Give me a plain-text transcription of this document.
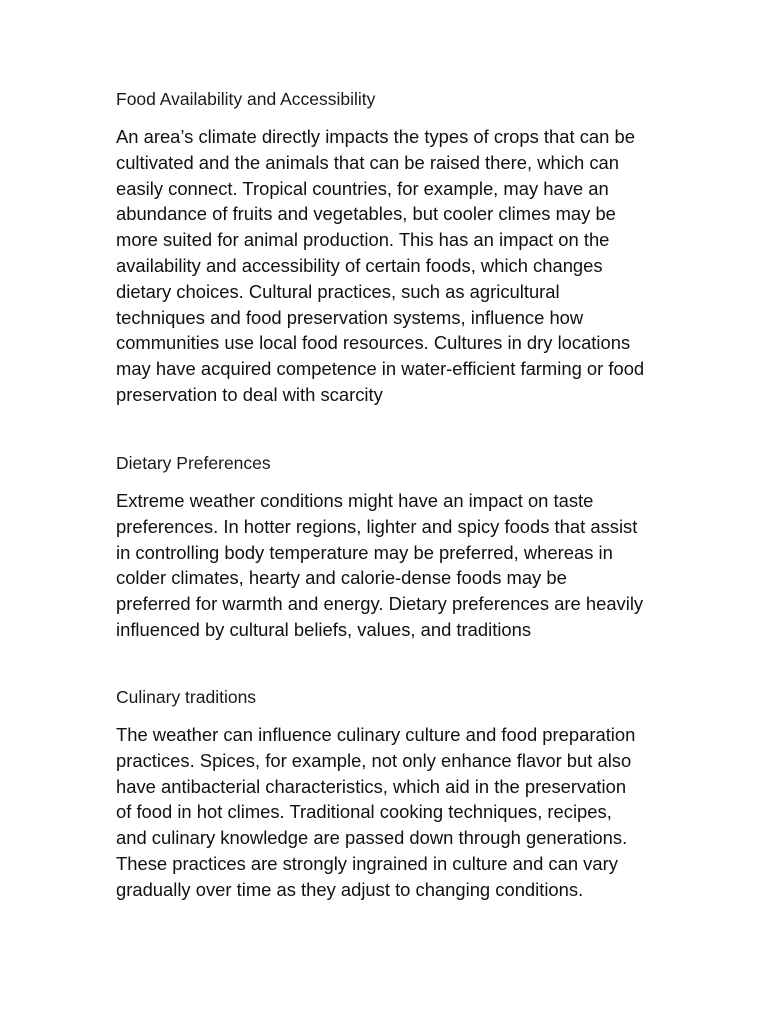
Food Availability and Accessibility

An area’s climate directly impacts the types of crops that can be cultivated and the animals that can be raised there, which can easily connect. Tropical countries, for example, may have an abundance of fruits and vegetables, but cooler climes may be more suited for animal production. This has an impact on the availability and accessibility of certain foods, which changes dietary choices. Cultural practices, such as agricultural techniques and food preservation systems, influence how communities use local food resources. Cultures in dry locations may have acquired competence in water-efficient farming or food preservation to deal with scarcity

Dietary Preferences

Extreme weather conditions might have an impact on taste preferences. In hotter regions, lighter and spicy foods that assist in controlling body temperature may be preferred, whereas in colder climates, hearty and calorie-dense foods may be preferred for warmth and energy. Dietary preferences are heavily influenced by cultural beliefs, values, and traditions

Culinary traditions

The weather can influence culinary culture and food preparation practices. Spices, for example, not only enhance flavor but also have antibacterial characteristics, which aid in the preservation of food in hot climes. Traditional cooking techniques, recipes, and culinary knowledge are passed down through generations. These practices are strongly ingrained in culture and can vary gradually over time as they adjust to changing conditions.
